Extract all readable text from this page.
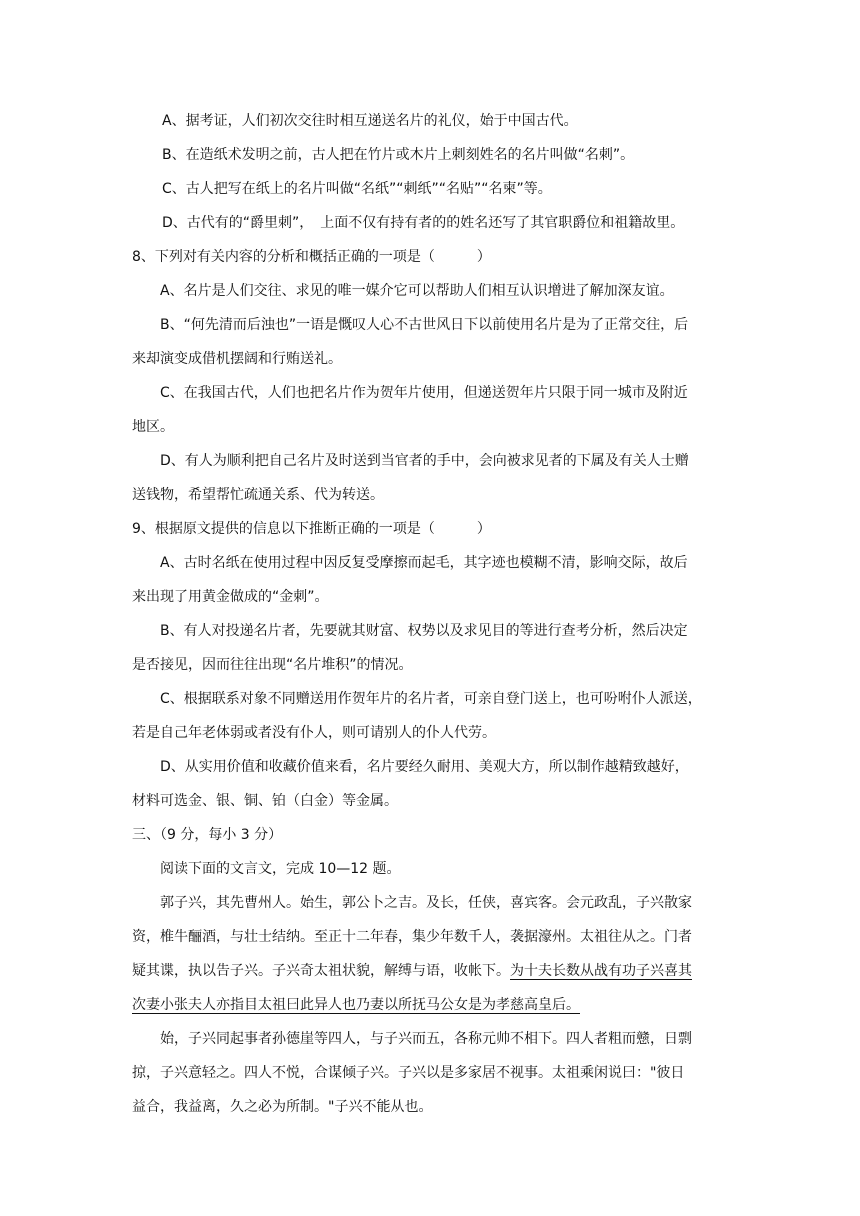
A、据考证，人们初次交往时相互递送名片的礼仪，始于中国古代。
B、在造纸术发明之前，古人把在竹片或木片上刺刻姓名的名片叫做“名刺”。
C、古人把写在纸上的名片叫做“名纸”“刺纸”“名贴”“名柬”等。
D、古代有的“爵里刺”，　上面不仅有持有者的的姓名还写了其官职爵位和祖籍故里。
8、下列对有关内容的分析和概括正确的一项是（　　　）
A、名片是人们交往、求见的唯一媒介它可以帮助人们相互认识增进了解加深友谊。
B、“何先清而后浊也”一语是慨叹人心不古世风日下以前使用名片是为了正常交往，后
来却演变成借机摆阔和行贿送礼。
C、在我国古代，人们也把名片作为贺年片使用，但递送贺年片只限于同一城市及附近
地区。
D、有人为顺利把自己名片及时送到当官者的手中，会向被求见者的下属及有关人士赠
送钱物，希望帮忙疏通关系、代为转送。
9、根据原文提供的信息以下推断正确的一项是（　　　）
A、古时名纸在使用过程中因反复受摩擦而起毛，其字迹也模糊不清，影响交际，故后
来出现了用黄金做成的“金刺”。
B、有人对投递名片者，先要就其财富、权势以及求见目的等进行查考分析，然后决定
是否接见，因而往往出现“名片堆积”的情况。
C、根据联系对象不同赠送用作贺年片的名片者，可亲自登门送上，也可吩咐仆人派送，
若是自己年老体弱或者没有仆人，则可请别人的仆人代劳。
D、从实用价值和收藏价值来看，名片要经久耐用、美观大方，所以制作越精致越好，
材料可选金、银、铜、铂（白金）等金属。
三、（9 分，每小 3 分）
阅读下面的文言文，完成 10—12 题。
郭子兴，其先曹州人。始生，郭公卜之吉。及长，任侠，喜宾客。会元政乱，子兴散家
资，椎牛酾酒，与壮士结纳。至正十二年春，集少年数千人，袭据濠州。太祖往从之。门者
疑其谍，执以告子兴。子兴奇太祖状貌，解缚与语，收帐下。为十夫长数从战有功子兴喜其
次妻小张夫人亦指目太祖曰此异人也乃妻以所抚马公女是为孝慈高皇后。
始，子兴同起事者孙德崖等四人，与子兴而五，各称元帅不相下。四人者粗而戆，日剽
掠，子兴意轻之。四人不悦，合谋倾子兴。子兴以是多家居不视事。太祖乘闲说曰："彼日
益合，我益离，久之必为所制。"子兴不能从也。
